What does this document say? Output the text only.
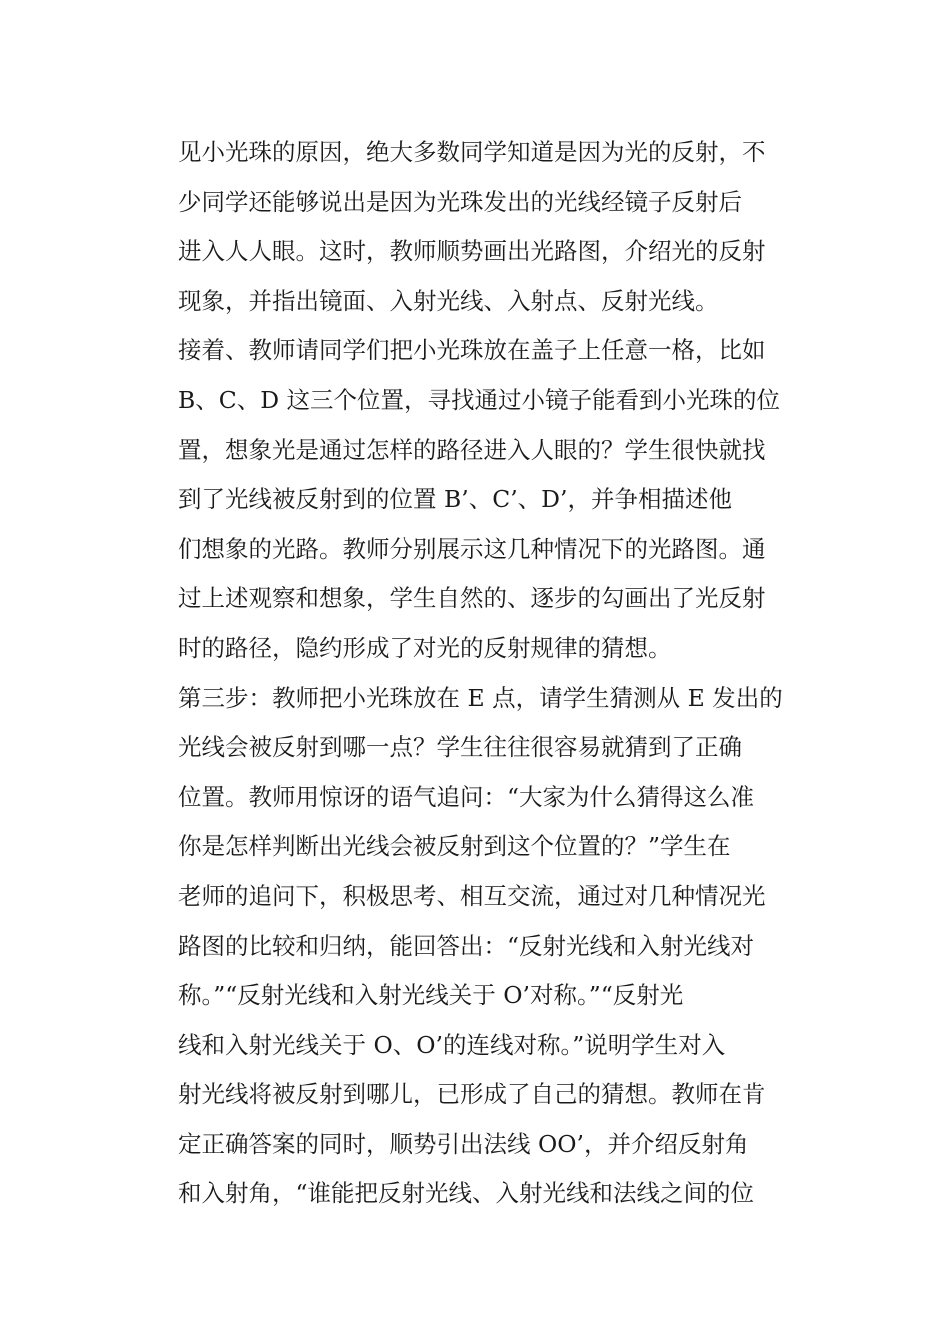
见小光珠的原因，绝大多数同学知道是因为光的反射，不
少同学还能够说出是因为光珠发出的光线经镜子反射后
进入人人眼。这时，教师顺势画出光路图，介绍光的反射
现象，并指出镜面、入射光线、入射点、反射光线。
接着、教师请同学们把小光珠放在盖子上任意一格，比如
B、C、D 这三个位置，寻找通过小镜子能看到小光珠的位
置，想象光是通过怎样的路径进入人眼的？学生很快就找
到了光线被反射到的位置 B’、C’、D’，并争相描述他
们想象的光路。教师分别展示这几种情况下的光路图。通
过上述观察和想象，学生自然的、逐步的勾画出了光反射
时的路径，隐约形成了对光的反射规律的猜想。
第三步：教师把小光珠放在 E 点，请学生猜测从 E 发出的
光线会被反射到哪一点？学生往往很容易就猜到了正确
位置。教师用惊讶的语气追问：“大家为什么猜得这么准
你是怎样判断出光线会被反射到这个位置的？”学生在
老师的追问下，积极思考、相互交流，通过对几种情况光
路图的比较和归纳，能回答出：“反射光线和入射光线对
称。”“反射光线和入射光线关于 O’对称。”“反射光
线和入射光线关于 O、O’的连线对称。”说明学生对入
射光线将被反射到哪儿，已形成了自己的猜想。教师在肯
定正确答案的同时，顺势引出法线 OO’，并介绍反射角
和入射角，“谁能把反射光线、入射光线和法线之间的位
